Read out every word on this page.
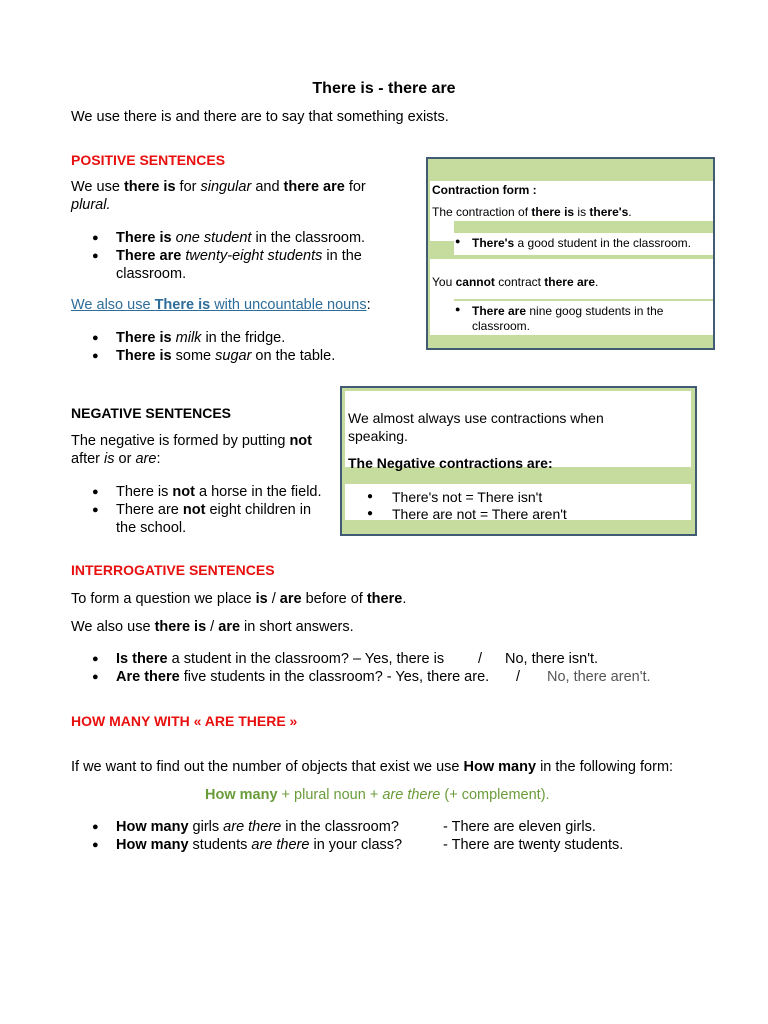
There is - there are
We use there is and there are to say that something exists.
POSITIVE SENTENCES
We use there is for singular and there are for
plural.
● There is one student in the classroom.
● There are twenty-eight students in the
classroom.
We also use There is with uncountable nouns:
● There is milk in the fridge.
● There is some sugar on the table.
Contraction form :
The contraction of there is is there's.
You cannot contract there are.
● There's a good student in the classroom.
● There are nine goog students in the
classroom.
NEGATIVE SENTENCES
The negative is formed by putting not
after is or are:
● There is not a horse in the field.
● There are not eight children in
the school.
We almost always use contractions when
speaking.
The Negative contractions are:
● There's not = There isn't
● There are not = There aren't
INTERROGATIVE SENTENCES
To form a question we place is / are before of there.
We also use there is / are in short answers.
● Is there a student in the classroom? – Yes, there is / No, there isn't.
● Are there five students in the classroom? - Yes, there are. / No, there aren't.
HOW MANY WITH « ARE THERE »
If we want to find out the number of objects that exist we use How many in the following form:
How many + plural noun + are there (+ complement).
● How many girls are there in the classroom?	- There are eleven girls.
● How many students are there in your class?	- There are twenty students.
